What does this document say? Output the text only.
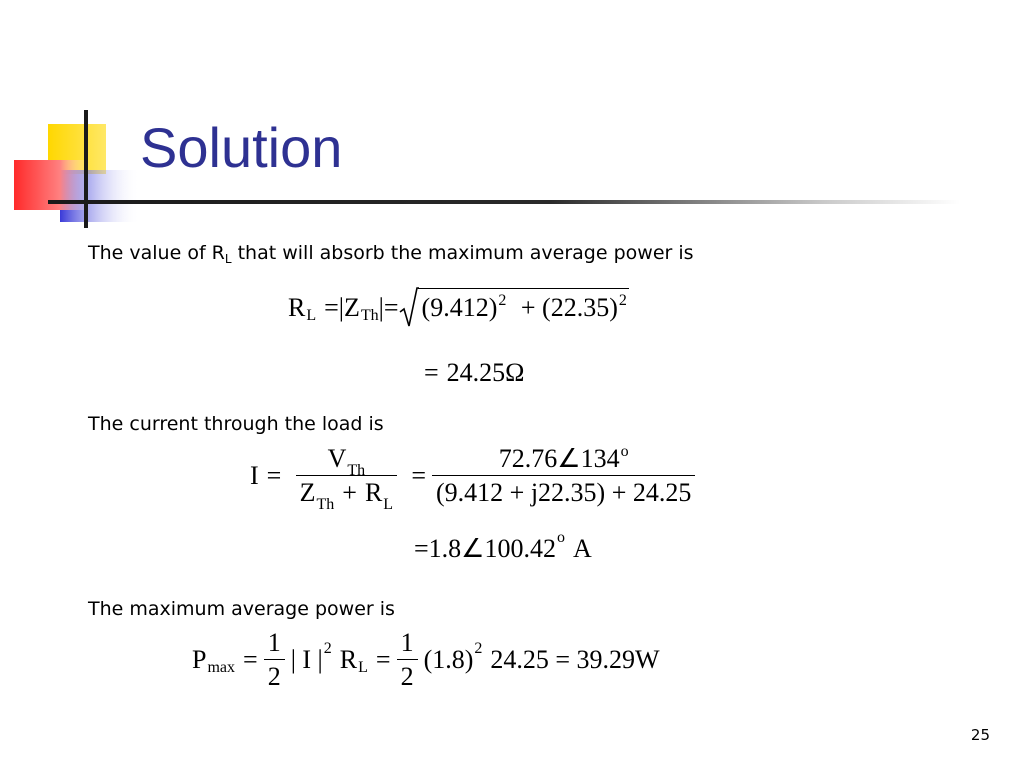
Solution

The value of $R_L$ that will absorb the maximum average power is

R L =| Z Th |= $(9.412)^2 + (22.35)^2$
= 24.25Ω

The current through the load is

$I = \frac{V_{Th}}{Z_{Th} + R_L} = \frac{72.76\angle 134^o}{(9.412 + j22.35) + 24.25}$
= 1.8∠100.42 o A

The maximum average power is

P $\max = \frac{1}{2}$ | I | 2 R $L = \frac{1}{2} (1.8)$ 2 24.25 = 39.29W
25
